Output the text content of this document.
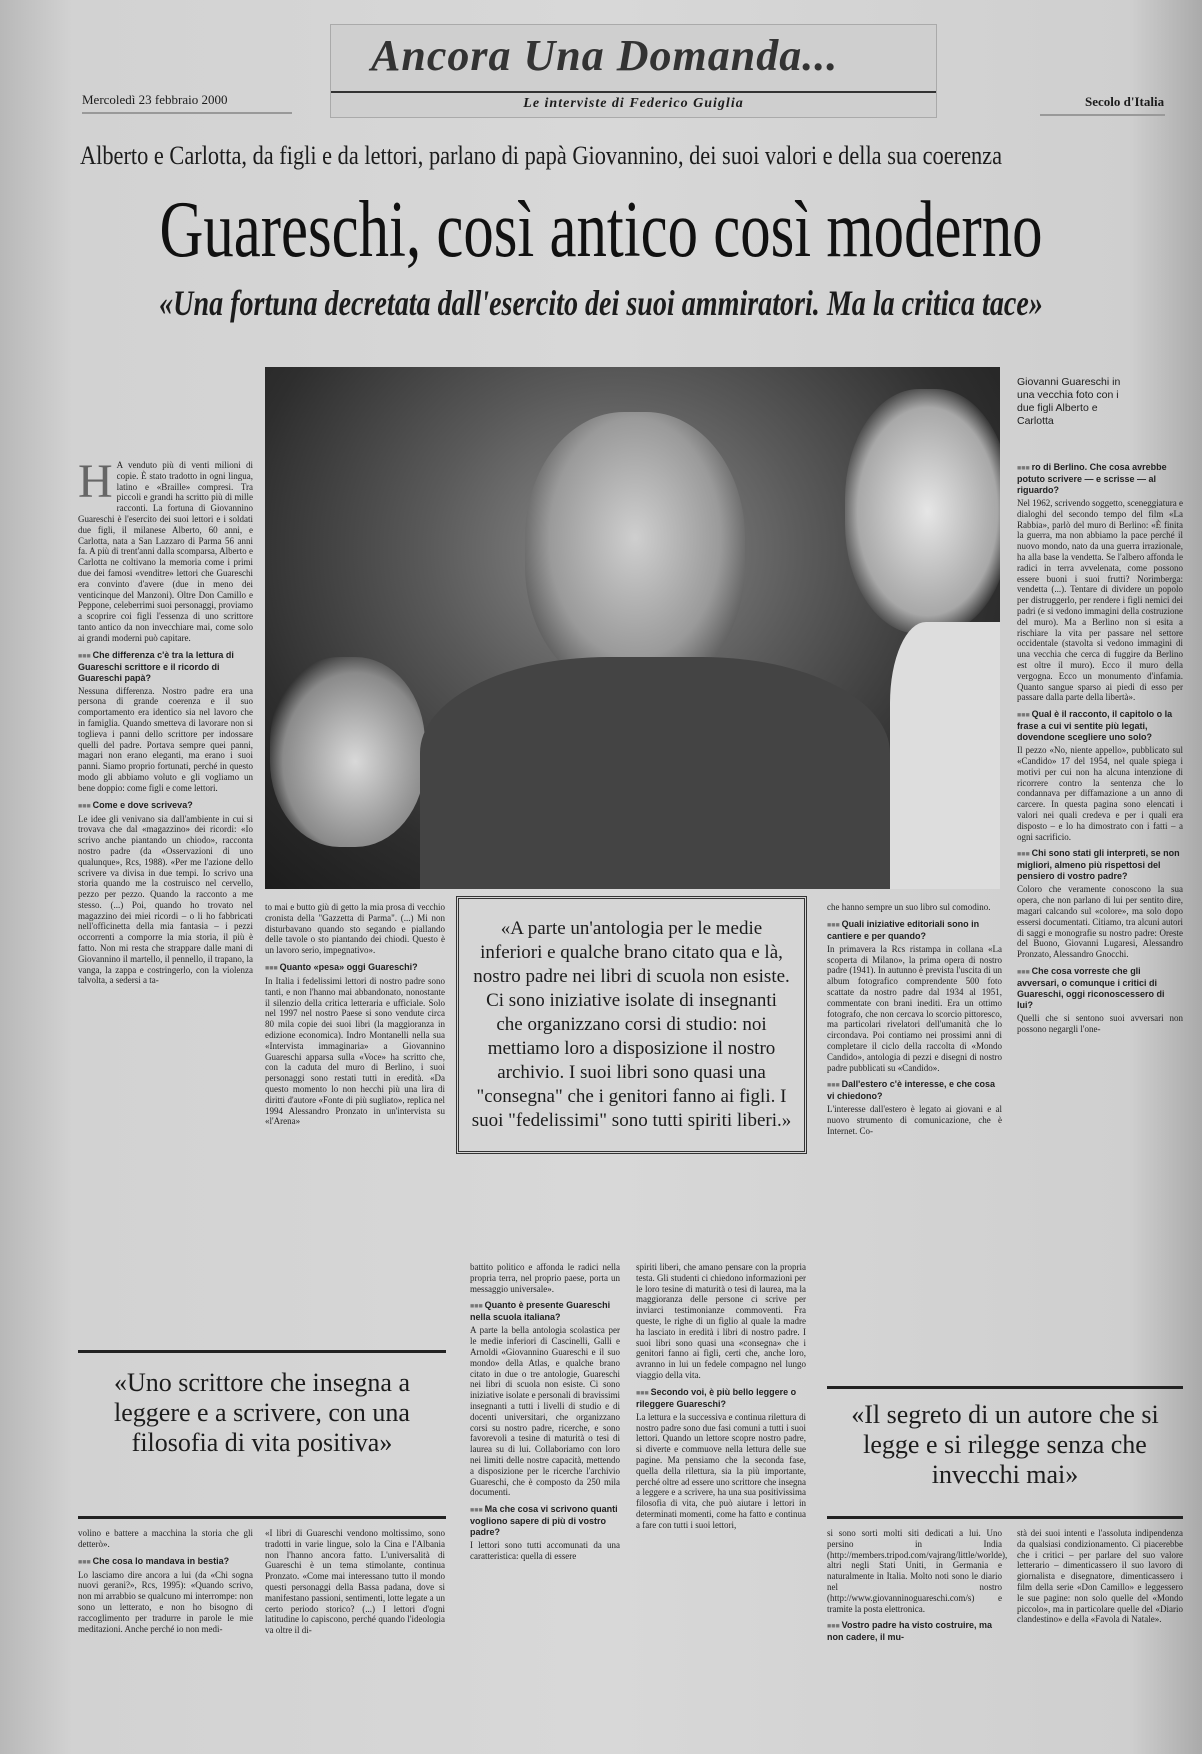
Mercoledì 23 febbraio 2000
Ancora Una Domanda...
Le interviste di Federico Guiglia	Secolo d'Italia
Alberto e Carlotta, da figli e da lettori, parlano di papà Giovannino, dei suoi valori e della sua coerenza
Guareschi, così antico così moderno
«Una fortuna decretata dall'esercito dei suoi ammiratori. Ma la critica tace»
Giovanni Guareschi in una vecchia foto con i due figli Alberto e Carlotta
H A venduto più di venti milioni di copie. È stato tradotto in ogni lingua, latino e «Braille» compresi. Tra piccoli e grandi ha scritto più di mille racconti. La fortuna di Giovannino Guareschi è l'esercito dei suoi lettori e i soldati due figli, il milanese Alberto, 60 anni, e Carlotta, nata a San Lazzaro di Parma 56 anni fa. A più di trent'anni dalla scomparsa, Alberto e Carlotta ne coltivano la memoria come i primi due dei famosi «venditre» lettori che Guareschi era convinto d'avere (due in meno dei venticinque del Manzoni). Oltre Don Camillo e Peppone, celeberrimi suoi personaggi, proviamo a scoprire coi figli l'essenza di uno scrittore tanto antico da non invecchiare mai, come solo ai grandi moderni può capitare.

■■■ Che differenza c'è tra la lettura di Guareschi scrittore e il ricordo di Guareschi papà?

Nessuna differenza. Nostro padre era una persona di grande coerenza e il suo comportamento era identico sia nel lavoro che in famiglia. Quando smetteva di lavorare non si toglieva i panni dello scrittore per indossare quelli del padre. Portava sempre quei panni, magari non erano eleganti, ma erano i suoi panni. Siamo proprio fortunati, perché in questo modo gli abbiamo voluto e gli vogliamo un bene doppio: come figli e come lettori.

■■■ Come e dove scriveva?

Le idee gli venivano sia dall'ambiente in cui si trovava che dal «magazzino» dei ricordi: «Io scrivo anche piantando un chiodo», racconta nostro padre (da «Osservazioni di uno qualunque», Rcs, 1988). «Per me l'azione dello scrivere va divisa in due tempi. Io scrivo una storia quando me la costruisco nel cervello, pezzo per pezzo. Quando la racconto a me stesso. (...) Poi, quando ho trovato nel magazzino dei miei ricordi – o li ho fabbricati nell'officinetta della mia fantasia – i pezzi occorrenti a comporre la mia storia, il più è fatto. Non mi resta che strappare dalle mani di Giovannino il martello, il pennello, il trapano, la vanga, la zappa e costringerlo, con la violenza talvolta, a sedersi a ta-

to mai e butto giù di getto la mia prosa di vecchio cronista della "Gazzetta di Parma". (...) Mi non disturbavano quando sto segando e piallando delle tavole o sto piantando dei chiodi. Questo è un lavoro serio, impegnativo».

■■■ Quanto «pesa» oggi Guareschi?

In Italia i fedelissimi lettori di nostro padre sono tanti, e non l'hanno mai abbandonato, nonostante il silenzio della critica letteraria e ufficiale. Solo nel 1997 nel nostro Paese si sono vendute circa 80 mila copie dei suoi libri (la maggioranza in edizione economica). Indro Montanelli nella sua «Intervista immaginaria» a Giovannino Guareschi apparsa sulla «Voce» ha scritto che, con la caduta del muro di Berlino, i suoi personaggi sono restati tutti in eredità. «Da questo momento lo non hecchi più una lira di diritti d'autore «Fonte di più sugliato», replica nel 1994 Alessandro Pronzato in un'intervista su «l'Arena»

«A parte un'antologia per le medie inferiori e qualche brano citato qua e là, nostro padre nei libri di scuola non esiste. Ci sono iniziative isolate di insegnanti che organizzano corsi di studio: noi mettiamo loro a disposizione il nostro archivio. I suoi libri sono quasi una "consegna" che i genitori fanno ai figli. I suoi "fedelissimi" sono tutti spiriti liberi.»

che hanno sempre un suo libro sul comodino.

■■■ Quali iniziative editoriali sono in cantiere e per quando?

In primavera la Rcs ristampa in collana «La scoperta di Milano», la prima opera di nostro padre (1941). In autunno è prevista l'uscita di un album fotografico comprendente 500 foto scattate da nostro padre dal 1934 al 1951, commentate con brani inediti. Era un ottimo fotografo, che non cercava lo scorcio pittoresco, ma particolari rivelatori dell'umanità che lo circondava. Poi contiamo nei prossimi anni di completare il ciclo della raccolta di «Mondo Candido», antologia di pezzi e disegni di nostro padre pubblicati su «Candido».

■■■ Dall'estero c'è interesse, e che cosa vi chiedono?

L'interesse dall'estero è legato ai giovani e al nuovo strumento di comunicazione, che è Internet. Co-

■■■ ro di Berlino. Che cosa avrebbe potuto scrivere — e scrisse — al riguardo?

Nel 1962, scrivendo soggetto, sceneggiatura e dialoghi del secondo tempo del film «La Rabbia», parlò del muro di Berlino: «È finita la guerra, ma non abbiamo la pace perché il nuovo mondo, nato da una guerra irrazionale, ha alla base la vendetta. Se l'albero affonda le radici in terra avvelenata, come possono essere buoni i suoi frutti? Norimberga: vendetta (...). Tentare di dividere un popolo per distruggerlo, per rendere i figli nemici dei padri (e si vedono immagini della costruzione del muro). Ma a Berlino non si esita a rischiare la vita per passare nel settore occidentale (stavolta si vedono immagini di una vecchia che cerca di fuggire da Berlino est oltre il muro). Ecco il muro della vergogna. Ecco un monumento d'infamia. Quanto sangue sparso ai piedi di esso per passare dalla parte della libertà».

■■■ Qual è il racconto, il capitolo o la frase a cui vi sentite più legati, dovendone scegliere uno solo?

Il pezzo «No, niente appello», pubblicato sul «Candido» 17 del 1954, nel quale spiega i motivi per cui non ha alcuna intenzione di ricorrere contro la sentenza che lo condannava per diffamazione a un anno di carcere. In questa pagina sono elencati i valori nei quali credeva e per i quali era disposto – e lo ha dimostrato con i fatti – a ogni sacrificio.

■■■ Chi sono stati gli interpreti, se non migliori, almeno più rispettosi del pensiero di vostro padre?

Coloro che veramente conoscono la sua opera, che non parlano di lui per sentito dire, magari calcando sul «colore», ma solo dopo essersi documentati. Citiamo, tra alcuni autori di saggi e monografie su nostro padre: Oreste del Buono, Giovanni Lugaresi, Alessandro Pronzato, Alessandro Gnocchi.

■■■ Che cosa vorreste che gli avversari, o comunque i critici di Guareschi, oggi riconoscessero di lui?

Quelli che si sentono suoi avversari non possono negargli l'one-

battito politico e affonda le radici nella propria terra, nel proprio paese, porta un messaggio universale».

■■■ Quanto è presente Guareschi nella scuola italiana?

A parte la bella antologia scolastica per le medie inferiori di Cascinelli, Galli e Arnoldi «Giovannino Guareschi e il suo mondo» della Atlas, e qualche brano citato in due o tre antologie, Guareschi nei libri di scuola non esiste. Ci sono iniziative isolate e personali di bravissimi insegnanti a tutti i livelli di studio e di docenti universitari, che organizzano corsi su nostro padre, ricerche, e sono favorevoli a tesine di maturità o tesi di laurea su di lui. Collaboriamo con loro nei limiti delle nostre capacità, mettendo a disposizione per le ricerche l'archivio Guareschi, che è composto da 250 mila documenti.

■■■ Ma che cosa vi scrivono quanti vogliono sapere di più di vostro padre?

I lettori sono tutti accomunati da una caratteristica: quella di essere

spiriti liberi, che amano pensare con la propria testa. Gli studenti ci chiedono informazioni per le loro tesine di maturità o tesi di laurea, ma la maggioranza delle persone ci scrive per inviarci testimonianze commoventi. Fra queste, le righe di un figlio al quale la madre ha lasciato in eredità i libri di nostro padre. I suoi libri sono quasi una «consegna» che i genitori fanno ai figli, certi che, anche loro, avranno in lui un fedele compagno nel lungo viaggio della vita.

■■■ Secondo voi, è più bello leggere o rileggere Guareschi?

La lettura e la successiva e continua rilettura di nostro padre sono due fasi comuni a tutti i suoi lettori. Quando un lettore scopre nostro padre, si diverte e commuove nella lettura delle sue pagine. Ma pensiamo che la seconda fase, quella della rilettura, sia la più importante, perché oltre ad essere uno scrittore che insegna a leggere e a scrivere, ha una sua positivissima filosofia di vita, che può aiutare i lettori in determinati momenti, come ha fatto e continua a fare con tutti i suoi lettori,

«Uno scrittore che insegna a leggere e a scrivere, con una filosofia di vita positiva»

volino e battere a macchina la storia che gli detterò».

■■■ Che cosa lo mandava in bestia?

Lo lasciamo dire ancora a lui (da «Chi sogna nuovi gerani?», Rcs, 1995): «Quando scrivo, non mi arrabbio se qualcuno mi interrompe: non sono un letterato, e non ho bisogno di raccoglimento per tradurre in parole le mie meditazioni. Anche perché io non medi-

«I libri di Guareschi vendono moltissimo, sono tradotti in varie lingue, solo la Cina e l'Albania non l'hanno ancora fatto. L'universalità di Guareschi è un tema stimolante, continua Pronzato. «Come mai interessano tutto il mondo questi personaggi della Bassa padana, dove si manifestano passioni, sentimenti, lotte legate a un certo periodo storico? (...) I lettori d'ogni latitudine lo capiscono, perché quando l'ideologia va oltre il di-

«Il segreto di un autore che si legge e si rilegge senza che invecchi mai»

si sono sorti molti siti dedicati a lui. Uno persino in India (http://members.tripod.com/vajrang/little/worlde), altri negli Stati Uniti, in Germania e naturalmente in Italia. Molto noti sono le diario nel nostro (http://www.giovanninoguareschi.com/s) e tramite la posta elettronica.

■■■ Vostro padre ha visto costruire, ma non cadere, il mu-

stà dei suoi intenti e l'assoluta indipendenza da qualsiasi condizionamento. Ci piacerebbe che i critici – per parlare del suo valore letterario – dimenticassero il suo lavoro di giornalista e disegnatore, dimenticassero i film della serie «Don Camillo» e leggessero le sue pagine: non solo quelle del «Mondo piccolo», ma in particolare quelle del «Diario clandestino» e della «Favola di Natale».
